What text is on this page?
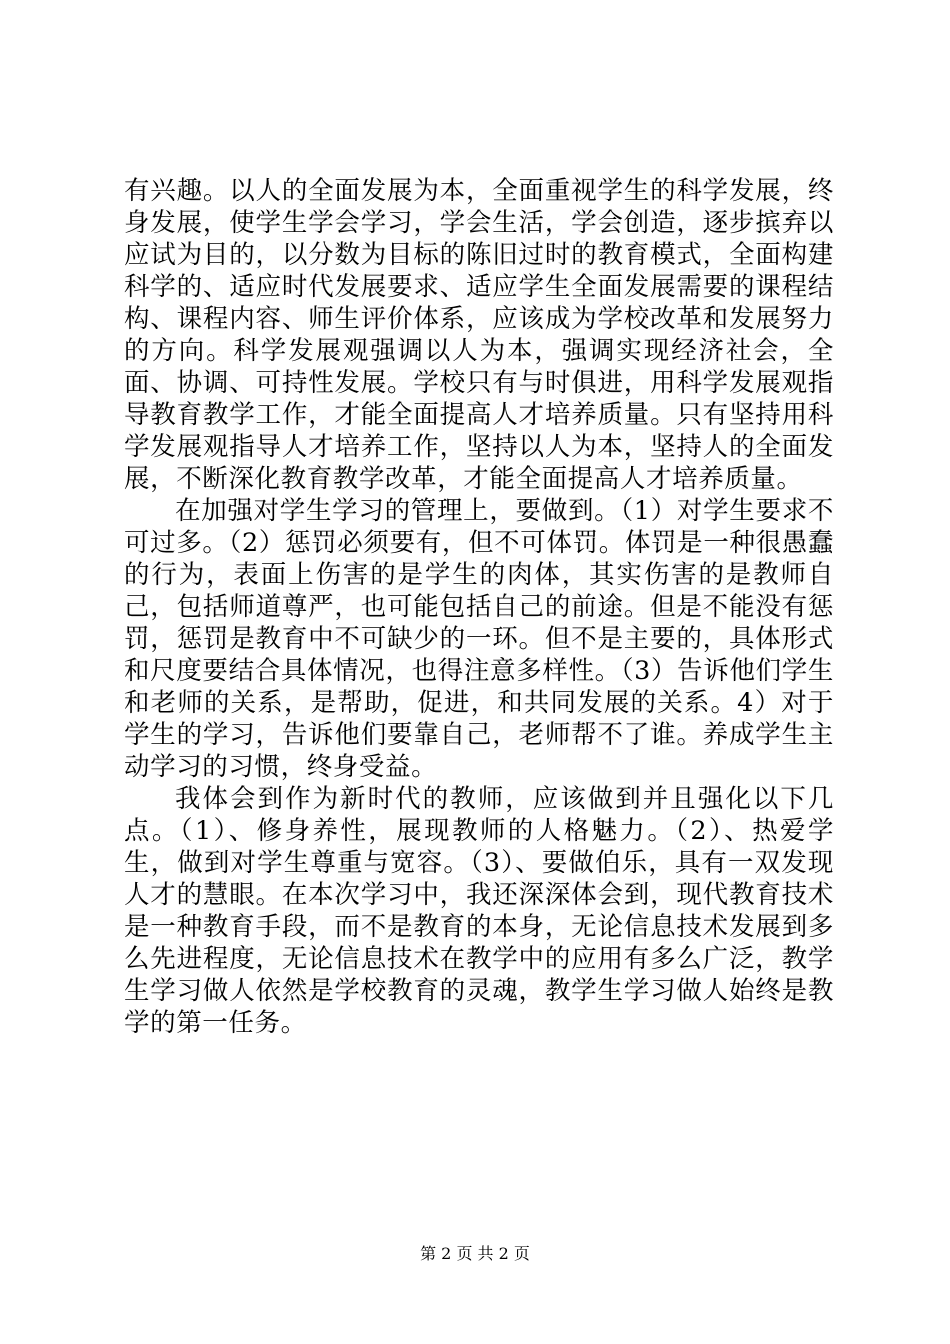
有兴趣。以人的全面发展为本，全面重视学生的科学发展，终身发展，使学生学会学习，学会生活，学会创造，逐步摈弃以应试为目的，以分数为目标的陈旧过时的教育模式，全面构建科学的、适应时代发展要求、适应学生全面发展需要的课程结构、课程内容、师生评价体系，应该成为学校改革和发展努力的方向。科学发展观强调以人为本，强调实现经济社会，全面、协调、可持性发展。学校只有与时俱进，用科学发展观指导教育教学工作，才能全面提高人才培养质量。只有坚持用科学发展观指导人才培养工作，坚持以人为本，坚持人的全面发展，不断深化教育教学改革，才能全面提高人才培养质量。

在加强对学生学习的管理上，要做到。（1）对学生要求不可过多。（2）惩罚必须要有，但不可体罚。体罚是一种很愚蠢的行为，表面上伤害的是学生的肉体，其实伤害的是教师自己，包括师道尊严，也可能包括自己的前途。但是不能没有惩罚，惩罚是教育中不可缺少的一环。但不是主要的，具体形式和尺度要结合具体情况，也得注意多样性。（3）告诉他们学生和老师的关系，是帮助，促进，和共同发展的关系。4）对于学生的学习，告诉他们要靠自己，老师帮不了谁。养成学生主动学习的习惯，终身受益。

我体会到作为新时代的教师，应该做到并且强化以下几点。（1）、修身养性，展现教师的人格魅力。（2）、热爱学生，做到对学生尊重与宽容。（3）、要做伯乐，具有一双发现人才的慧眼。在本次学习中，我还深深体会到，现代教育技术是一种教育手段，而不是教育的本身，无论信息技术发展到多么先进程度，无论信息技术在教学中的应用有多么广泛，教学生学习做人依然是学校教育的灵魂，教学生学习做人始终是教学的第一任务。

第 2 页 共 2 页
